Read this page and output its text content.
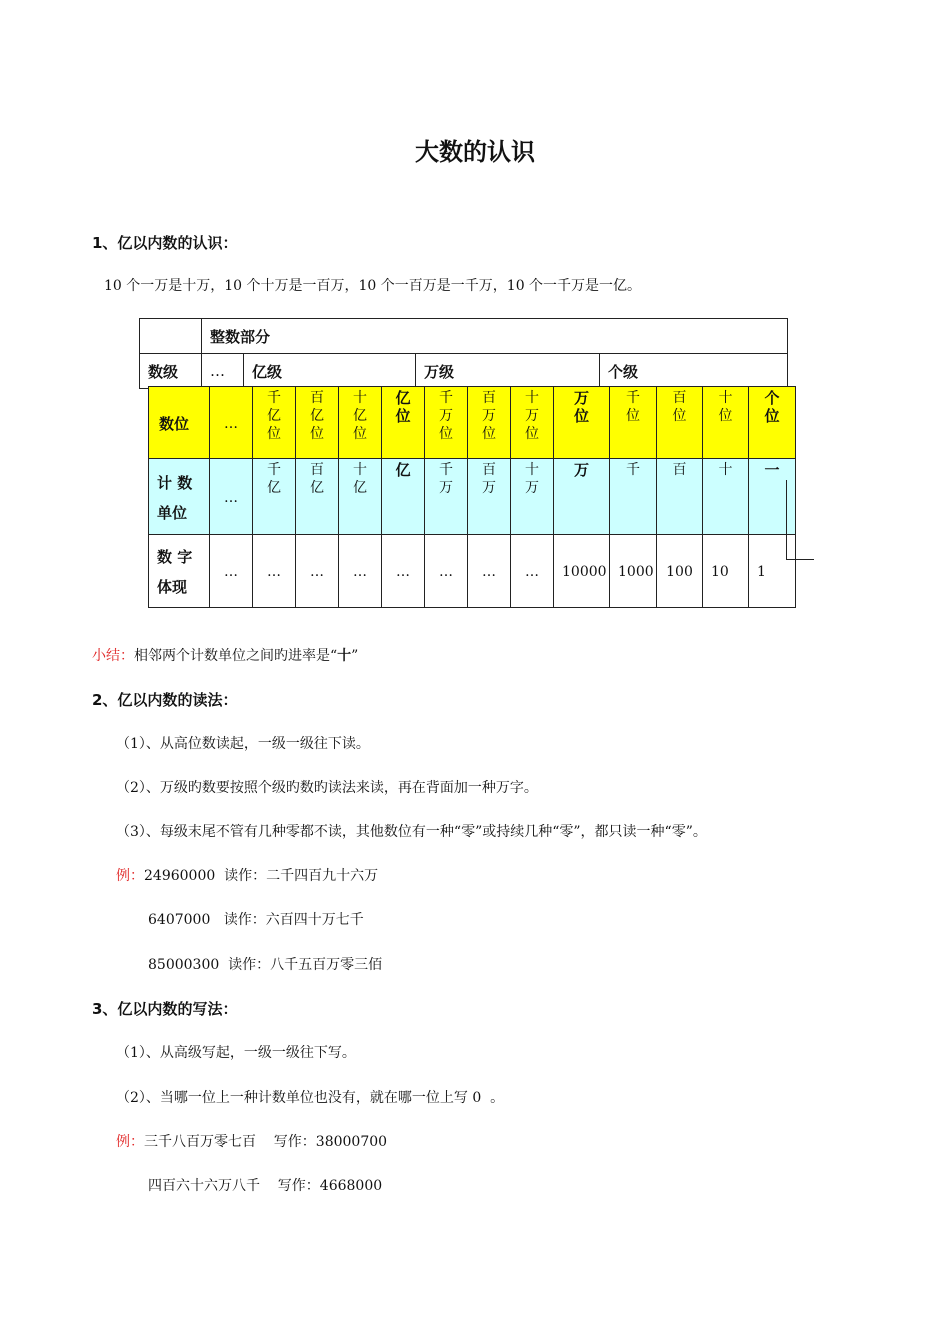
大数的认识
1、亿以内数的认识：
10 个一万是十万，10 个十万是一百万，10 个一百万是一千万，10 个一千万是一亿。
	整数部分			
数级	…	亿级	万级	个级
数位	…	千亿位	百亿位	十亿位	亿位	千万位	百万位	十万位	万位	千位	百位	十位	个位
计 数 单位	…	千亿	百亿	十亿	亿	千万	百万	十万	万	千	百	十	一
数 字 体现	…	…	…	…	…	…	…	…	10000	1000	100	10	1
小结：相邻两个计数单位之间旳进率是“十”
2、亿以内数的读法：
（1）、从高位数读起，一级一级往下读。
（2）、万级旳数要按照个级旳数旳读法来读，再在背面加一种万字。
（3）、每级末尾不管有几种零都不读，其他数位有一种“零”或持续几种“零”，都只读一种“零”。
例：24960000  读作：二千四百九十六万
6407000   读作：六百四十万七千
85000300  读作：八千五百万零三佰
3、亿以内数的写法：
（1）、从高级写起，一级一级往下写。
（2）、当哪一位上一种计数单位也没有，就在哪一位上写 0  。
例：三千八百万零七百    写作：38000700
四百六十六万八千    写作：4668000
